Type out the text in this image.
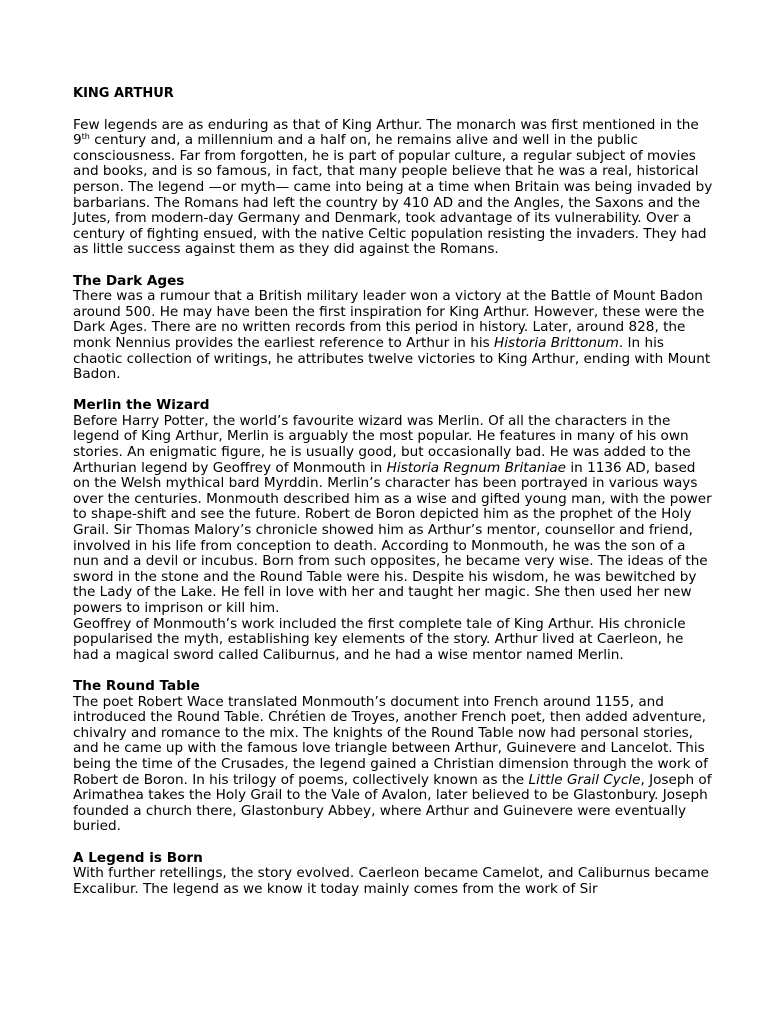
KING ARTHUR

Few legends are as enduring as that of King Arthur. The monarch was first mentioned in the 9th century and, a millennium and a half on, he remains alive and well in the public consciousness. Far from forgotten, he is part of popular culture, a regular subject of movies and books, and is so famous, in fact, that many people believe that he was a real, historical person. The legend —or myth— came into being at a time when Britain was being invaded by barbarians. The Romans had left the country by 410 AD and the Angles, the Saxons and the Jutes, from modern-day Germany and Denmark, took advantage of its vulnerability. Over a century of fighting ensued, with the native Celtic population resisting the invaders. They had as little success against them as they did against the Romans.

The Dark Ages

There was a rumour that a British military leader won a victory at the Battle of Mount Badon around 500. He may have been the first inspiration for King Arthur. However, these were the Dark Ages. There are no written records from this period in history. Later, around 828, the monk Nennius provides the earliest reference to Arthur in his Historia Brittonum. In his chaotic collection of writings, he attributes twelve victories to King Arthur, ending with Mount Badon.

Merlin the Wizard

Before Harry Potter, the world’s favourite wizard was Merlin. Of all the characters in the legend of King Arthur, Merlin is arguably the most popular. He features in many of his own stories. An enigmatic figure, he is usually good, but occasionally bad. He was added to the Arthurian legend by Geoffrey of Monmouth in Historia Regnum Britaniae in 1136 AD, based on the Welsh mythical bard Myrddin. Merlin’s character has been portrayed in various ways over the centuries. Monmouth described him as a wise and gifted young man, with the power to shape-shift and see the future. Robert de Boron depicted him as the prophet of the Holy Grail. Sir Thomas Malory’s chronicle showed him as Arthur’s mentor, counsellor and friend, involved in his life from conception to death. According to Monmouth, he was the son of a nun and a devil or incubus. Born from such opposites, he became very wise. The ideas of the sword in the stone and the Round Table were his. Despite his wisdom, he was bewitched by the Lady of the Lake. He fell in love with her and taught her magic. She then used her new powers to imprison or kill him.

Geoffrey of Monmouth’s work included the first complete tale of King Arthur. His chronicle popularised the myth, establishing key elements of the story. Arthur lived at Caerleon, he had a magical sword called Caliburnus, and he had a wise mentor named Merlin.

The Round Table

The poet Robert Wace translated Monmouth’s document into French around 1155, and introduced the Round Table. Chrétien de Troyes, another French poet, then added adventure, chivalry and romance to the mix. The knights of the Round Table now had personal stories, and he came up with the famous love triangle between Arthur, Guinevere and Lancelot. This being the time of the Crusades, the legend gained a Christian dimension through the work of Robert de Boron. In his trilogy of poems, collectively known as the Little Grail Cycle, Joseph of Arimathea takes the Holy Grail to the Vale of Avalon, later believed to be Glastonbury. Joseph founded a church there, Glastonbury Abbey, where Arthur and Guinevere were eventually buried.

A Legend is Born

With further retellings, the story evolved. Caerleon became Camelot, and Caliburnus became Excalibur. The legend as we know it today mainly comes from the work of Sir
